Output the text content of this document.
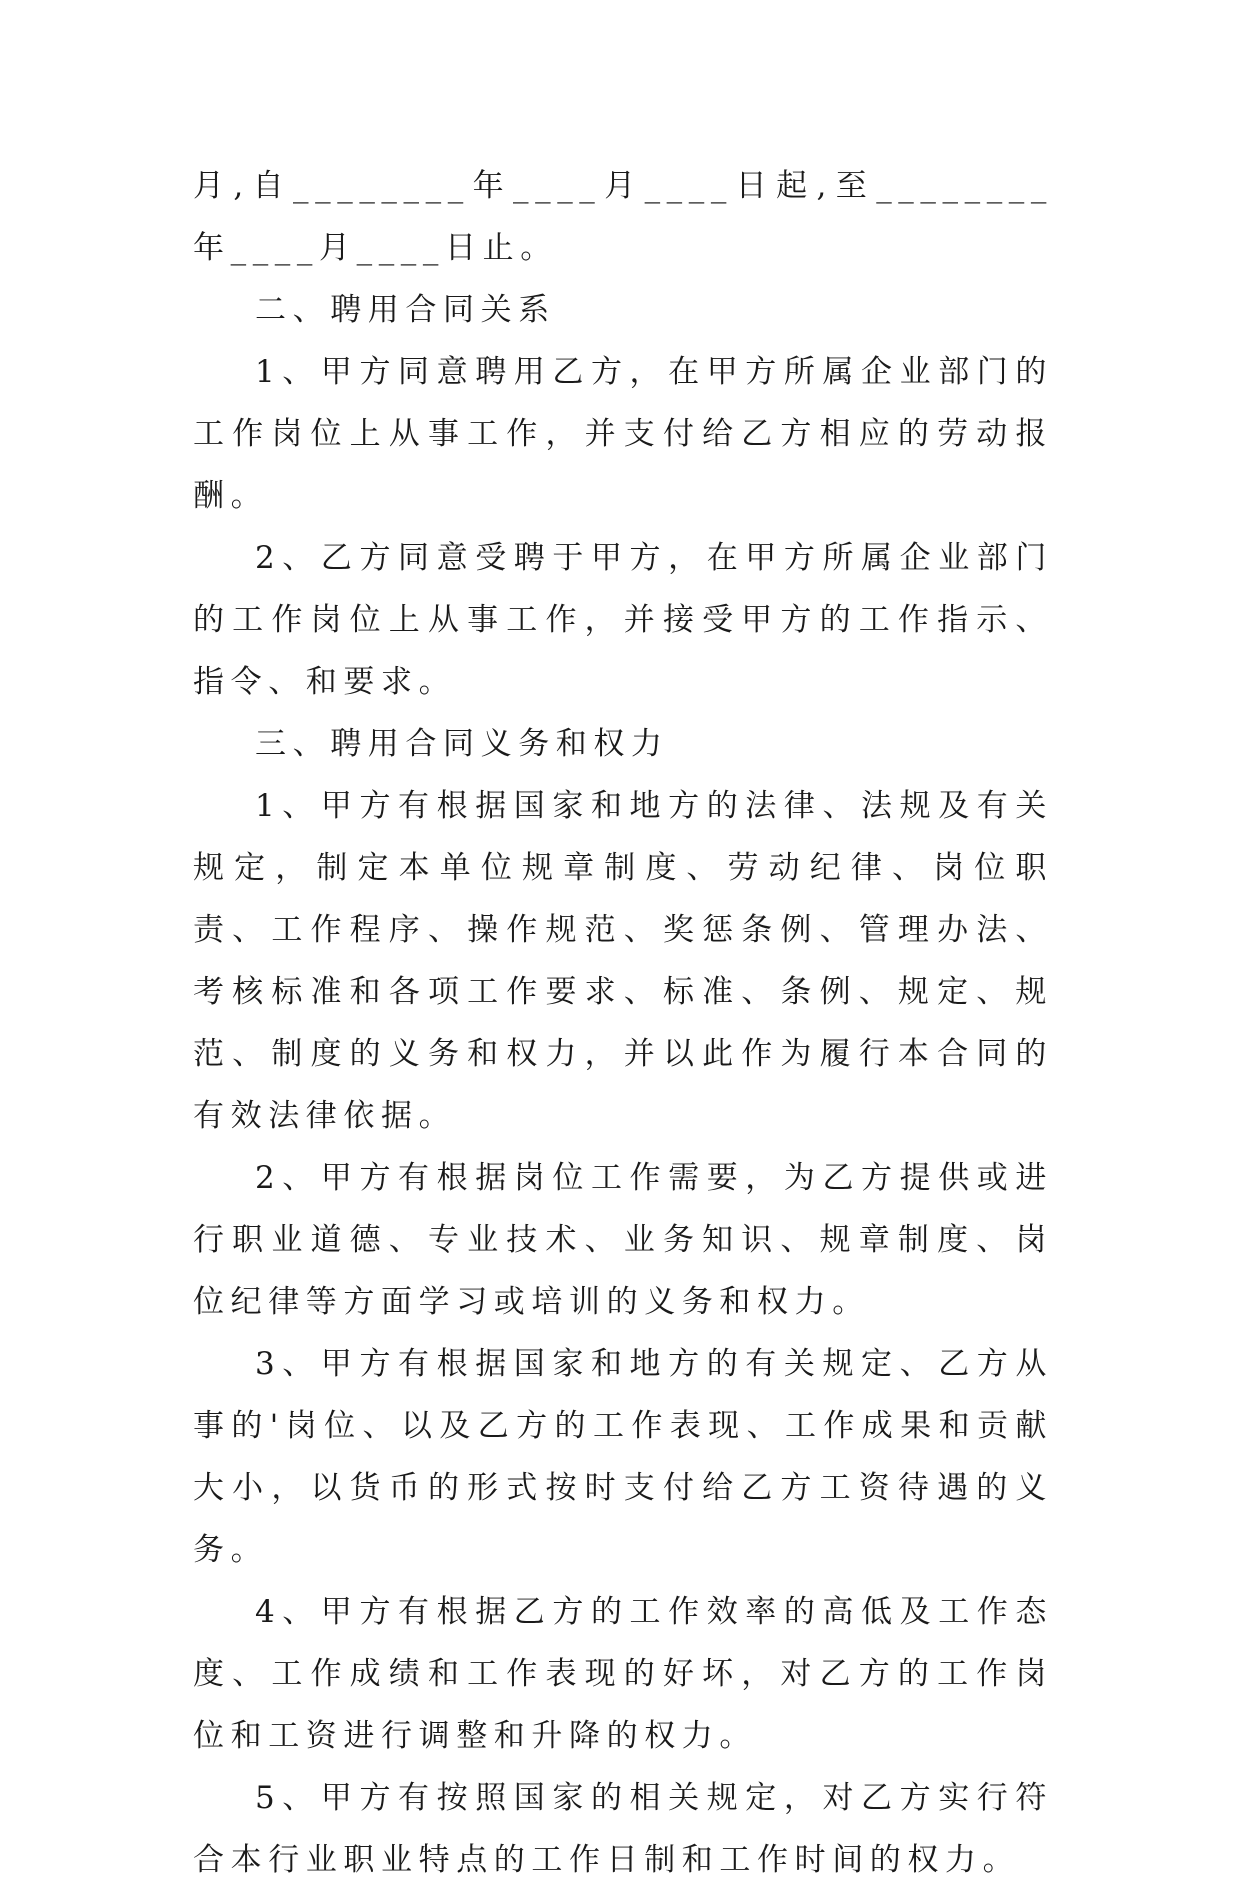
月,自________年____月____日起,至________年____月____日止。

二、聘用合同关系

1、甲方同意聘用乙方，在甲方所属企业部门的工作岗位上从事工作，并支付给乙方相应的劳动报酬。

2、乙方同意受聘于甲方，在甲方所属企业部门的工作岗位上从事工作，并接受甲方的工作指示、指令、和要求。

三、聘用合同义务和权力

1、甲方有根据国家和地方的法律、法规及有关规定，制定本单位规章制度、劳动纪律、岗位职责、工作程序、操作规范、奖惩条例、管理办法、考核标准和各项工作要求、标准、条例、规定、规范、制度的义务和权力，并以此作为履行本合同的有效法律依据。

2、甲方有根据岗位工作需要，为乙方提供或进行职业道德、专业技术、业务知识、规章制度、岗位纪律等方面学习或培训的义务和权力。

3、甲方有根据国家和地方的有关规定、乙方从事的'岗位、以及乙方的工作表现、工作成果和贡献大小，以货币的形式按时支付给乙方工资待遇的义务。

4、甲方有根据乙方的工作效率的高低及工作态度、工作成绩和工作表现的好坏，对乙方的工作岗位和工资进行调整和升降的权力。

5、甲方有按照国家的相关规定，对乙方实行符合本行业职业特点的工作日制和工作时间的权力。
